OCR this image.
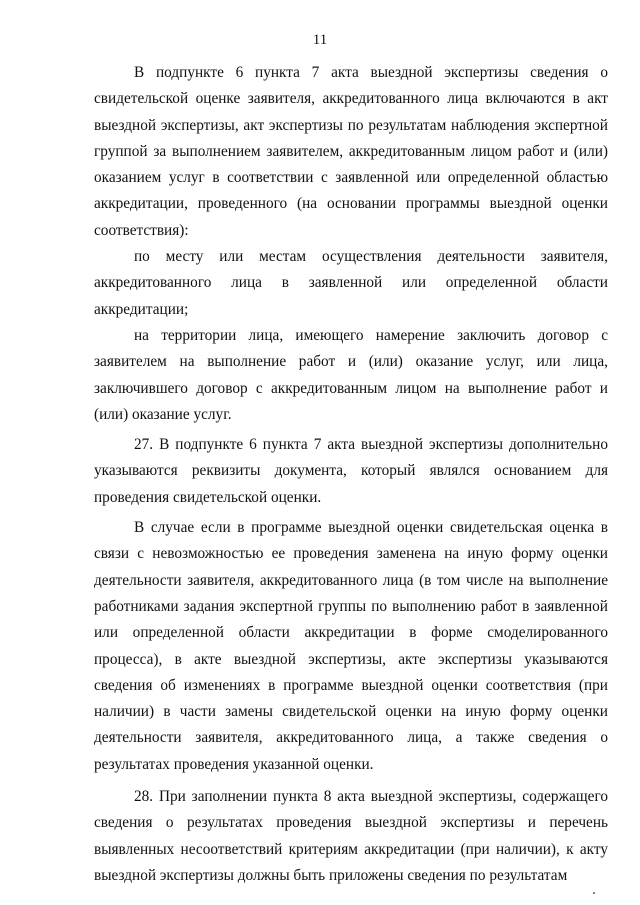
11

В подпункте 6 пункта 7 акта выездной экспертизы сведения о свидетельской оценке заявителя, аккредитованного лица включаются в акт выездной экспертизы, акт экспертизы по результатам наблюдения экспертной группой за выполнением заявителем, аккредитованным лицом работ и (или) оказанием услуг в соответствии с заявленной или определенной областью аккредитации, проведенного (на основании программы выездной оценки соответствия):

по месту или местам осуществления деятельности заявителя, аккредитованного лица в заявленной или определенной области аккредитации;

на территории лица, имеющего намерение заключить договор с заявителем на выполнение работ и (или) оказание услуг, или лица, заключившего договор с аккредитованным лицом на выполнение работ и (или) оказание услуг.

27. В подпункте 6 пункта 7 акта выездной экспертизы дополнительно указываются реквизиты документа, который являлся основанием для проведения свидетельской оценки.

В случае если в программе выездной оценки свидетельская оценка в связи с невозможностью ее проведения заменена на иную форму оценки деятельности заявителя, аккредитованного лица (в том числе на выполнение работниками задания экспертной группы по выполнению работ в заявленной или определенной области аккредитации в форме смоделированного процесса), в акте выездной экспертизы, акте экспертизы указываются сведения об изменениях в программе выездной оценки соответствия (при наличии) в части замены свидетельской оценки на иную форму оценки деятельности заявителя, аккредитованного лица, а также сведения о результатах проведения указанной оценки.

28. При заполнении пункта 8 акта выездной экспертизы, содержащего сведения о результатах проведения выездной экспертизы и перечень выявленных несоответствий критериям аккредитации (при наличии), к акту выездной экспертизы должны быть приложены сведения по результатам
